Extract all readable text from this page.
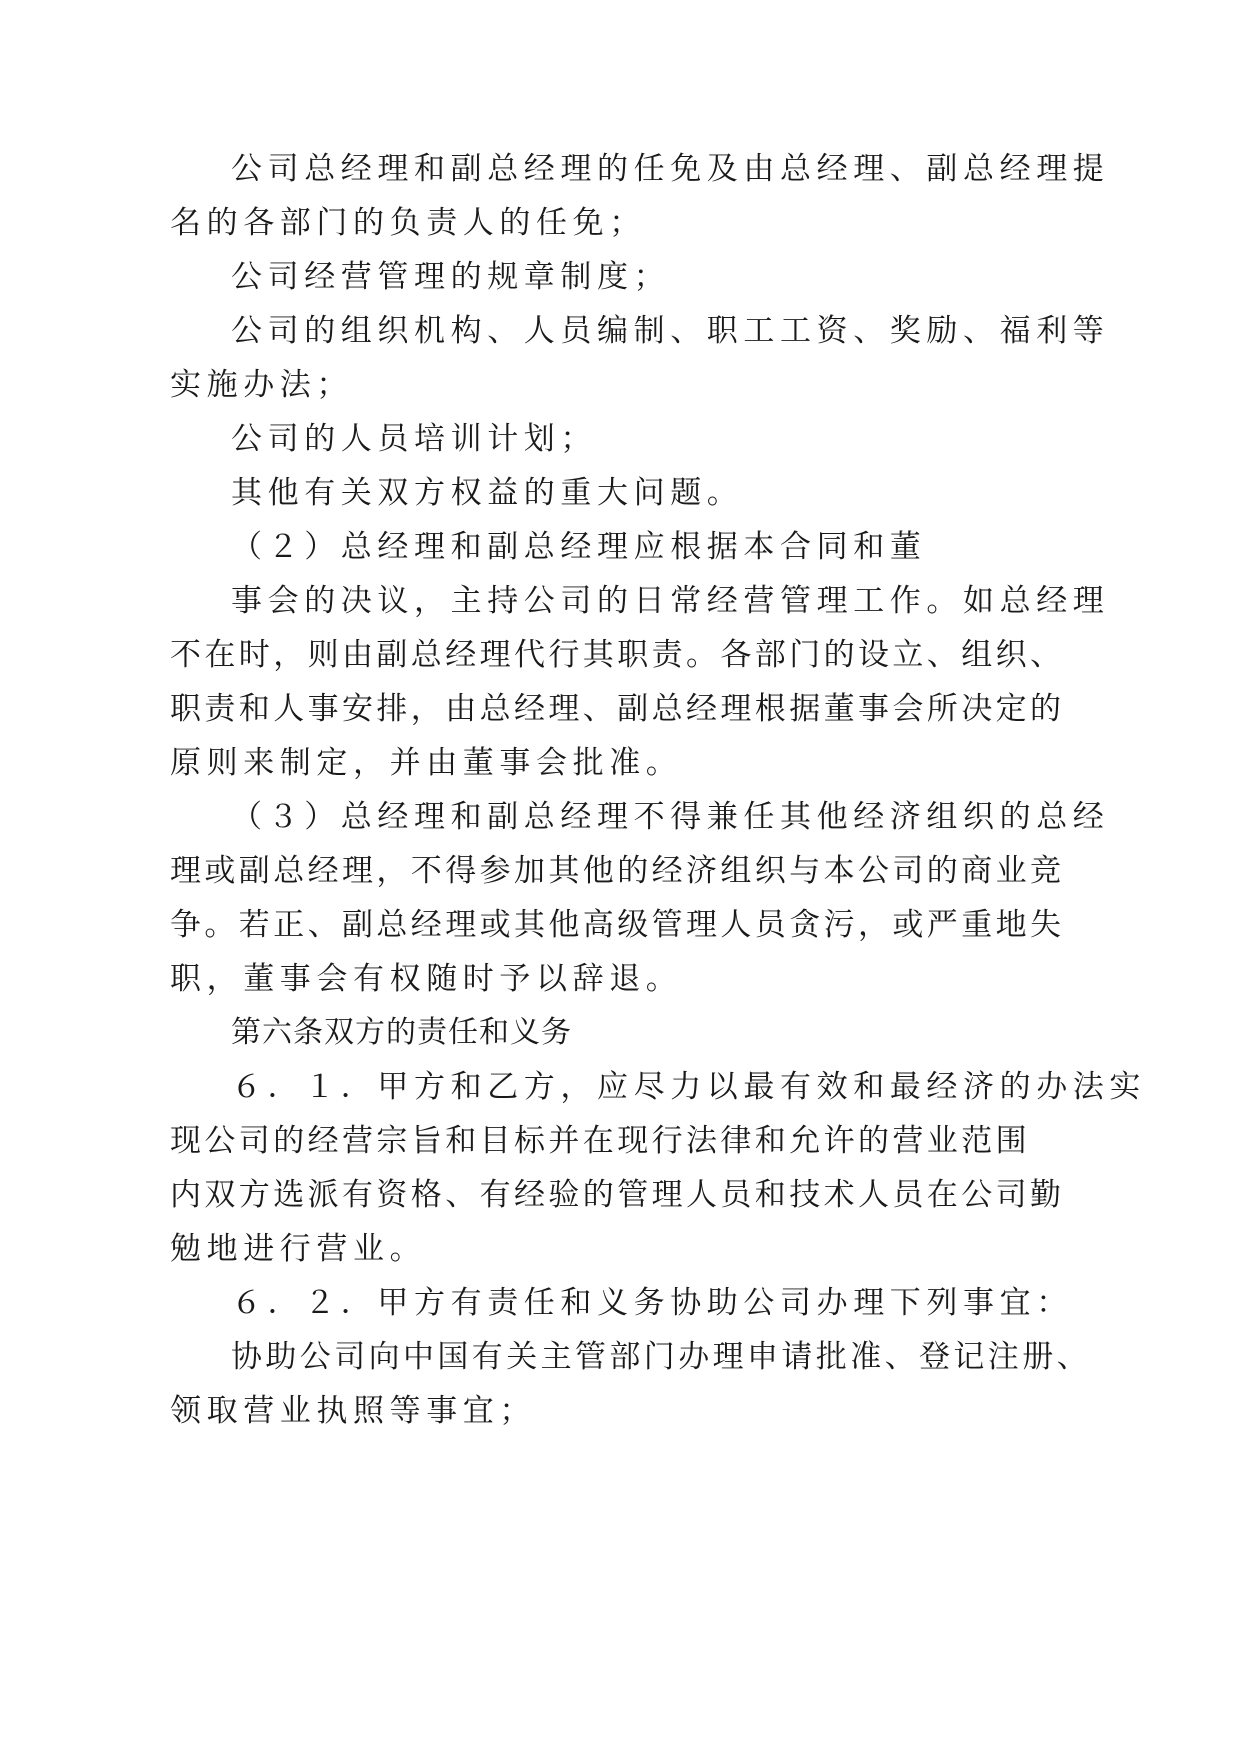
公司总经理和副总经理的任免及由总经理、副总经理提
名的各部门的负责人的任免；
公司经营管理的规章制度；
公司的组织机构、人员编制、职工工资、奖励、福利等
实施办法；
公司的人员培训计划；
其他有关双方权益的重大问题。
（２）总经理和副总经理应根据本合同和董
事会的决议，主持公司的日常经营管理工作。如总经理
不在时，则由副总经理代行其职责。各部门的设立、组织、
职责和人事安排，由总经理、副总经理根据董事会所决定的
原则来制定，并由董事会批准。
（３）总经理和副总经理不得兼任其他经济组织的总经
理或副总经理，不得参加其他的经济组织与本公司的商业竞
争。若正、副总经理或其他高级管理人员贪污，或严重地失
职，董事会有权随时予以辞退。
第六条双方的责任和义务
６．１．甲方和乙方，应尽力以最有效和最经济的办法实
现公司的经营宗旨和目标并在现行法律和允许的营业范围
内双方选派有资格、有经验的管理人员和技术人员在公司勤
勉地进行营业。
６．２．甲方有责任和义务协助公司办理下列事宜：
协助公司向中国有关主管部门办理申请批准、登记注册、
领取营业执照等事宜；
